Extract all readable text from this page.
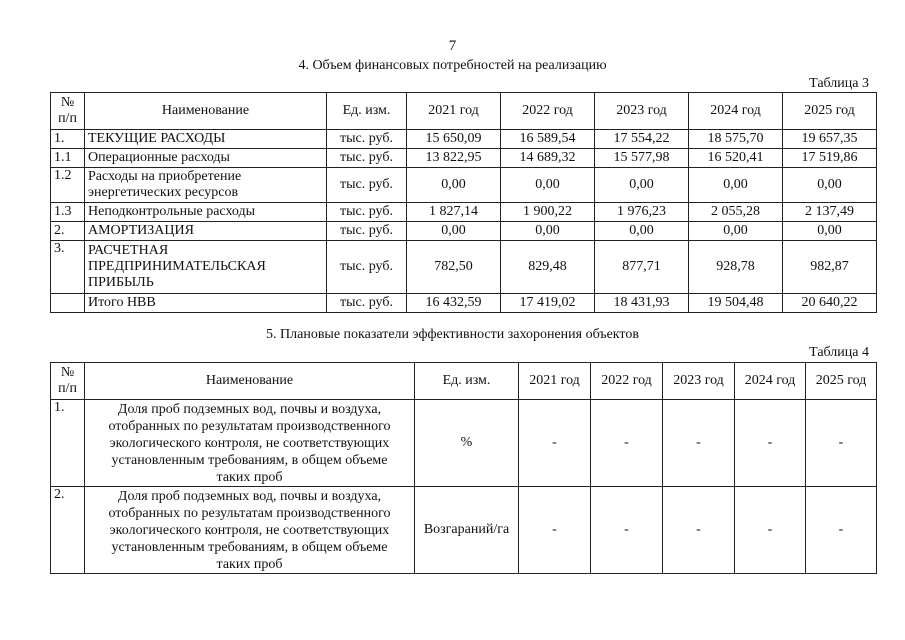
7
4. Объем финансовых потребностей на реализацию
Таблица 3
№
п/п	Наименование	Ед. изм.	2021 год	2022 год	2023 год	2024 год	2025 год
1.	ТЕКУЩИЕ РАСХОДЫ	тыс. руб.	15 650,09	16 589,54	17 554,22	18 575,70	19 657,35
1.1	Операционные расходы	тыс. руб.	13 822,95	14 689,32	15 577,98	16 520,41	17 519,86
1.2	Расходы на приобретение
энергетических ресурсов	тыс. руб.	0,00	0,00	0,00	0,00	0,00
1.3	Неподконтрольные расходы	тыс. руб.	1 827,14	1 900,22	1 976,23	2 055,28	2 137,49
2.	АМОРТИЗАЦИЯ	тыс. руб.	0,00	0,00	0,00	0,00	0,00
3.	РАСЧЕТНАЯ
ПРЕДПРИНИМАТЕЛЬСКАЯ
ПРИБЫЛЬ	тыс. руб.	782,50	829,48	877,71	928,78	982,87
	Итого НВВ	тыс. руб.	16 432,59	17 419,02	18 431,93	19 504,48	20 640,22
5. Плановые показатели эффективности захоронения объектов
Таблица 4
№
п/п	Наименование	Ед. изм.	2021 год	2022 год	2023 год	2024 год	2025 год
1.	Доля проб подземных вод, почвы и воздуха,
отобранных по результатам производственного
экологического контроля, не соответствующих
установленным требованиям, в общем объеме
таких проб	%	-	-	-	-	-
2.	Доля проб подземных вод, почвы и воздуха,
отобранных по результатам производственного
экологического контроля, не соответствующих
установленным требованиям, в общем объеме
таких проб	Возгараний/га	-	-	-	-	-
